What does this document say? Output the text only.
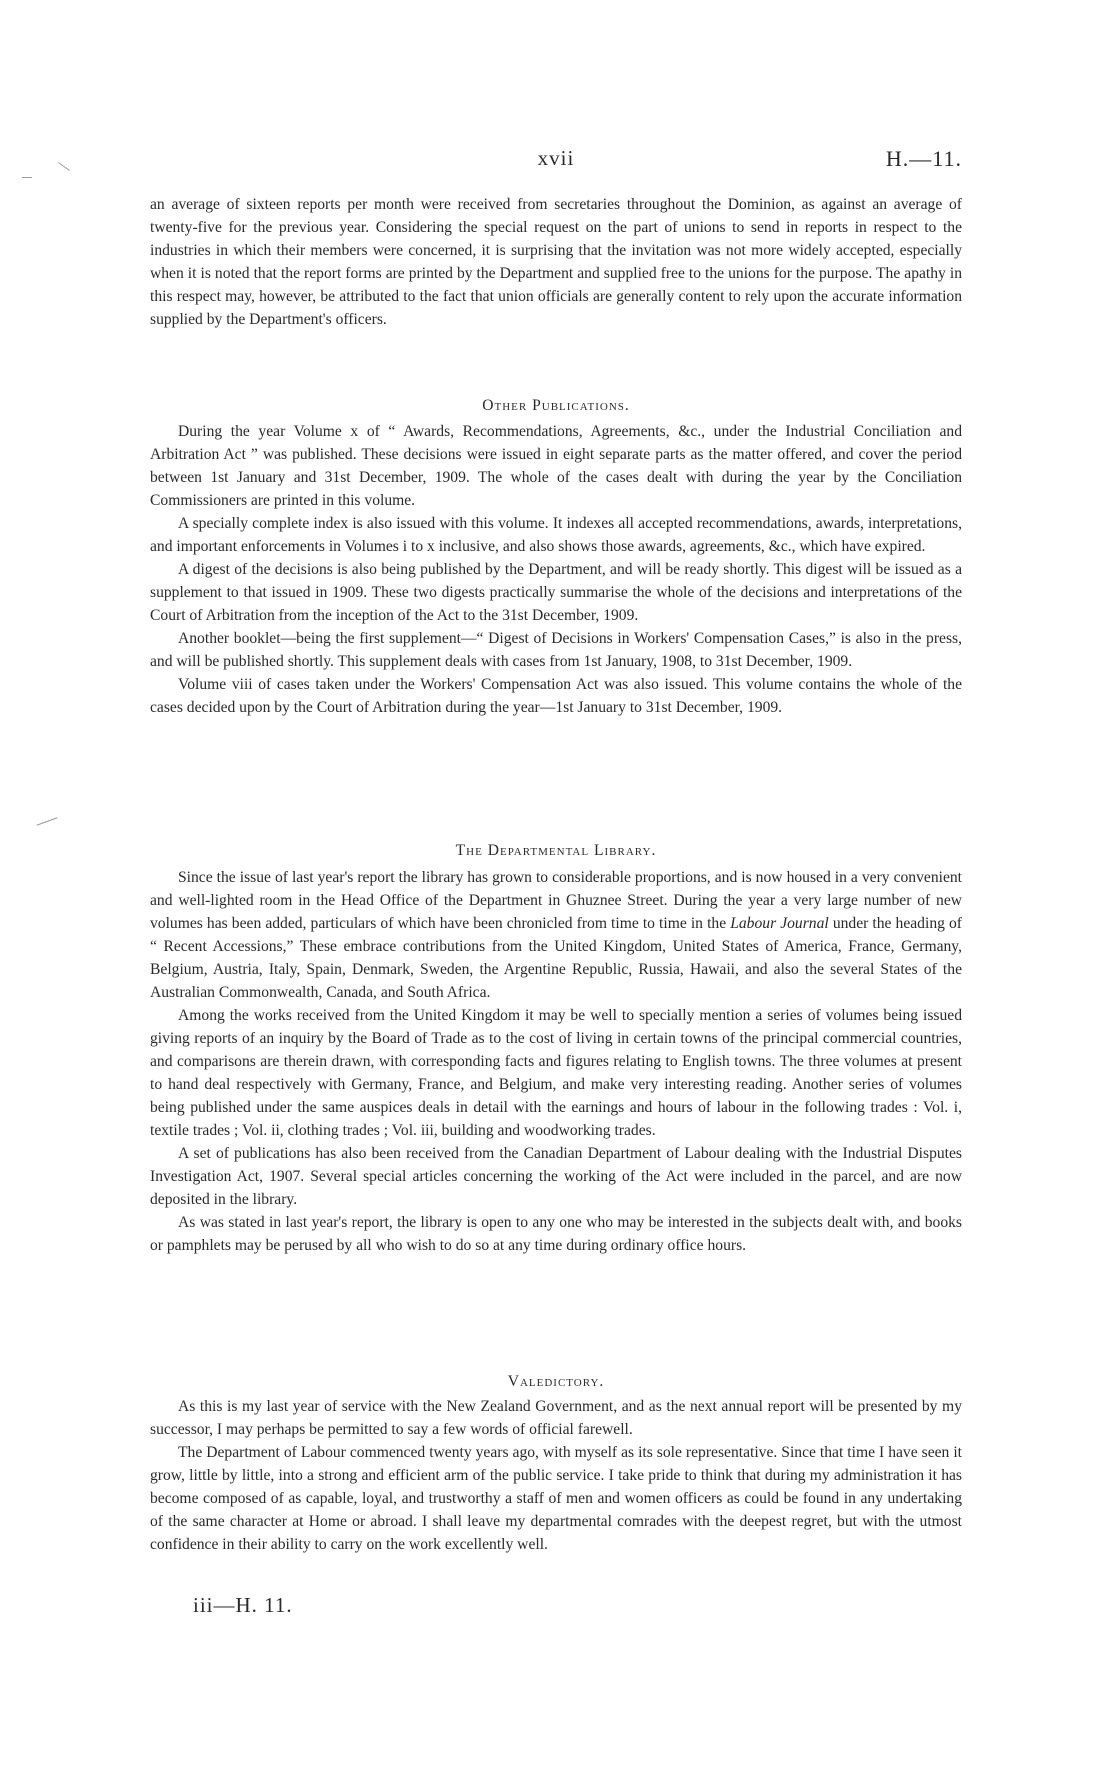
xvii	H.—11.

an average of sixteen reports per month were received from secretaries throughout the Dominion, as against an average of twenty-five for the previous year. Considering the special request on the part of unions to send in reports in respect to the industries in which their members were concerned, it is surprising that the invitation was not more widely accepted, especially when it is noted that the report forms are printed by the Department and supplied free to the unions for the purpose. The apathy in this respect may, however, be attributed to the fact that union officials are generally content to rely upon the accurate information supplied by the Department's officers.

Other Publications.

During the year Volume x of “ Awards, Recommendations, Agreements, &c., under the Industrial Conciliation and Arbitration Act ” was published. These decisions were issued in eight separate parts as the matter offered, and cover the period between 1st January and 31st December, 1909. The whole of the cases dealt with during the year by the Conciliation Commissioners are printed in this volume.

A specially complete index is also issued with this volume. It indexes all accepted recommendations, awards, interpretations, and important enforcements in Volumes i to x inclusive, and also shows those awards, agreements, &c., which have expired.

A digest of the decisions is also being published by the Department, and will be ready shortly. This digest will be issued as a supplement to that issued in 1909. These two digests practically summarise the whole of the decisions and interpretations of the Court of Arbitration from the inception of the Act to the 31st December, 1909.

Another booklet—being the first supplement—“ Digest of Decisions in Workers' Compensation Cases,” is also in the press, and will be published shortly. This supplement deals with cases from 1st January, 1908, to 31st December, 1909.

Volume viii of cases taken under the Workers' Compensation Act was also issued. This volume contains the whole of the cases decided upon by the Court of Arbitration during the year—1st January to 31st December, 1909.

The Departmental Library.

Since the issue of last year's report the library has grown to considerable proportions, and is now housed in a very convenient and well-lighted room in the Head Office of the Department in Ghuznee Street. During the year a very large number of new volumes has been added, particulars of which have been chronicled from time to time in the Labour Journal under the heading of “ Recent Accessions,” These embrace contributions from the United Kingdom, United States of America, France, Germany, Belgium, Austria, Italy, Spain, Denmark, Sweden, the Argentine Republic, Russia, Hawaii, and also the several States of the Australian Commonwealth, Canada, and South Africa.

Among the works received from the United Kingdom it may be well to specially mention a series of volumes being issued giving reports of an inquiry by the Board of Trade as to the cost of living in certain towns of the principal commercial countries, and comparisons are therein drawn, with corresponding facts and figures relating to English towns. The three volumes at present to hand deal respectively with Germany, France, and Belgium, and make very interesting reading. Another series of volumes being published under the same auspices deals in detail with the earnings and hours of labour in the following trades : Vol. i, textile trades ; Vol. ii, clothing trades ; Vol. iii, building and woodworking trades.

A set of publications has also been received from the Canadian Department of Labour dealing with the Industrial Disputes Investigation Act, 1907. Several special articles concerning the working of the Act were included in the parcel, and are now deposited in the library.

As was stated in last year's report, the library is open to any one who may be interested in the subjects dealt with, and books or pamphlets may be perused by all who wish to do so at any time during ordinary office hours.

Valedictory.

As this is my last year of service with the New Zealand Government, and as the next annual report will be presented by my successor, I may perhaps be permitted to say a few words of official farewell.

The Department of Labour commenced twenty years ago, with myself as its sole representative. Since that time I have seen it grow, little by little, into a strong and efficient arm of the public service. I take pride to think that during my administration it has become composed of as capable, loyal, and trustworthy a staff of men and women officers as could be found in any undertaking of the same character at Home or abroad. I shall leave my departmental comrades with the deepest regret, but with the utmost confidence in their ability to carry on the work excellently well.

iii—H. 11.
